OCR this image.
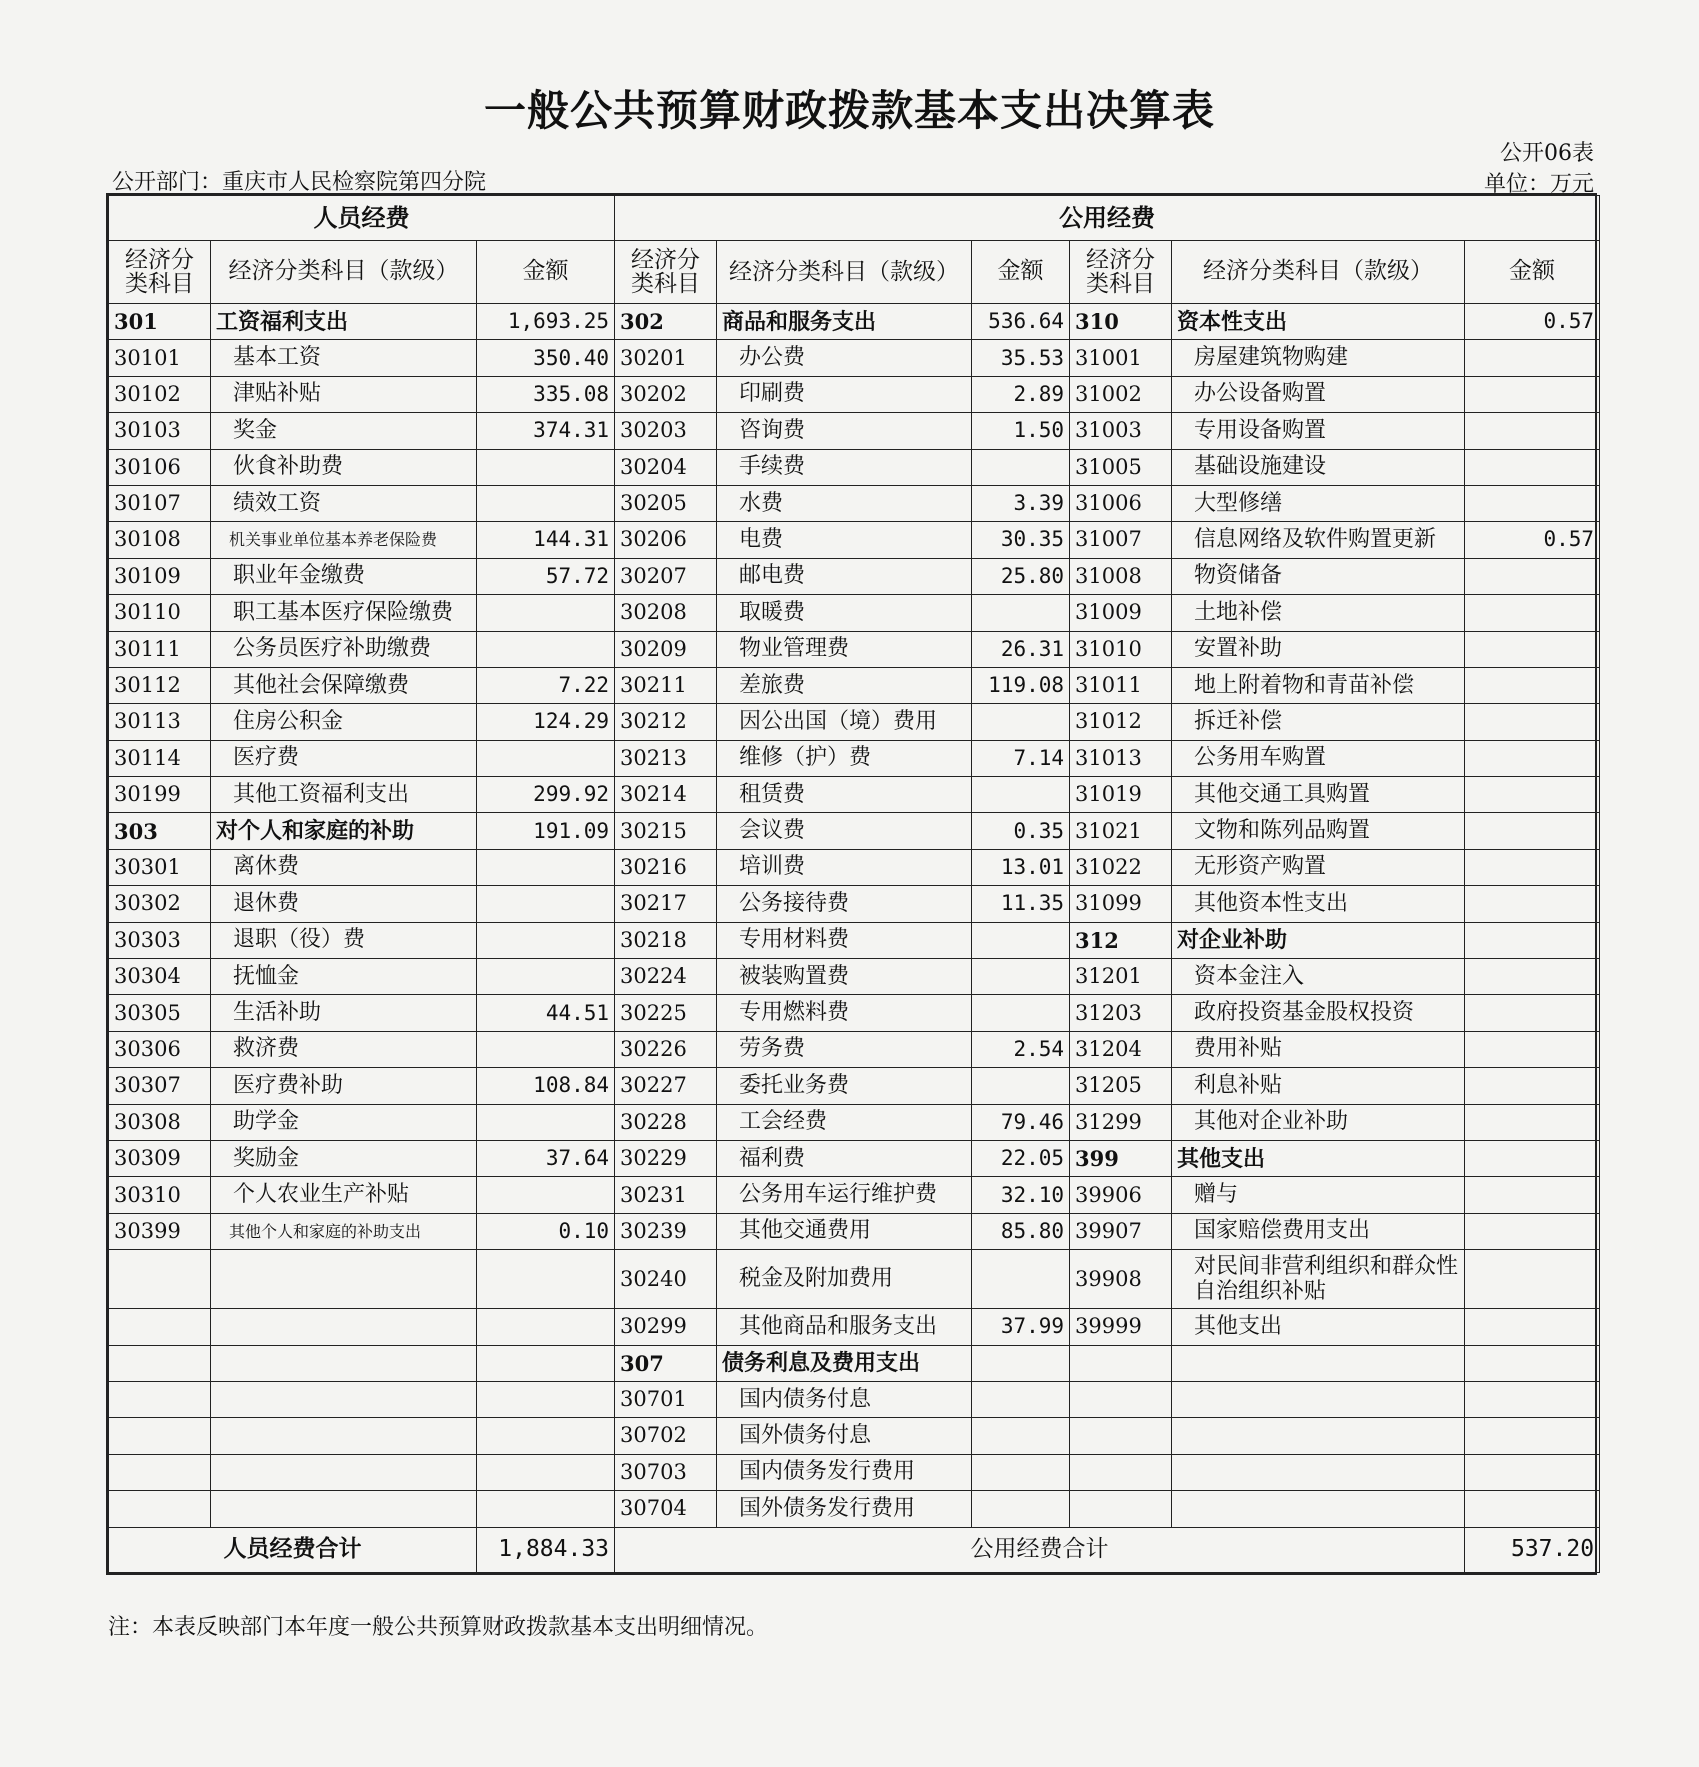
一般公共预算财政拨款基本支出决算表
公开06表
公开部门：重庆市人民检察院第四分院	单位：万元
人员经费			公用经费					
经济分类科目	经济分类科目（款级）	金额	经济分类科目	经济分类科目（款级）	金额	经济分类科目	经济分类科目（款级）	金额
301	工资福利支出	1,693.25	302	商品和服务支出	536.64	310	资本性支出	0.57
30101	基本工资	350.40	30201	办公费	35.53	31001	房屋建筑物购建	
30102	津贴补贴	335.08	30202	印刷费	2.89	31002	办公设备购置	
30103	奖金	374.31	30203	咨询费	1.50	31003	专用设备购置	
30106	伙食补助费		30204	手续费		31005	基础设施建设	
30107	绩效工资		30205	水费	3.39	31006	大型修缮	
30108	机关事业单位基本养老保险费	144.31	30206	电费	30.35	31007	信息网络及软件购置更新	0.57
30109	职业年金缴费	57.72	30207	邮电费	25.80	31008	物资储备	
30110	职工基本医疗保险缴费		30208	取暖费		31009	土地补偿	
30111	公务员医疗补助缴费		30209	物业管理费	26.31	31010	安置补助	
30112	其他社会保障缴费	7.22	30211	差旅费	119.08	31011	地上附着物和青苗补偿	
30113	住房公积金	124.29	30212	因公出国（境）费用		31012	拆迁补偿	
30114	医疗费		30213	维修（护）费	7.14	31013	公务用车购置	
30199	其他工资福利支出	299.92	30214	租赁费		31019	其他交通工具购置	
303	对个人和家庭的补助	191.09	30215	会议费	0.35	31021	文物和陈列品购置	
30301	离休费		30216	培训费	13.01	31022	无形资产购置	
30302	退休费		30217	公务接待费	11.35	31099	其他资本性支出	
30303	退职（役）费		30218	专用材料费		312	对企业补助	
30304	抚恤金		30224	被装购置费		31201	资本金注入	
30305	生活补助	44.51	30225	专用燃料费		31203	政府投资基金股权投资	
30306	救济费		30226	劳务费	2.54	31204	费用补贴	
30307	医疗费补助	108.84	30227	委托业务费		31205	利息补贴	
30308	助学金		30228	工会经费	79.46	31299	其他对企业补助	
30309	奖励金	37.64	30229	福利费	22.05	399	其他支出	
30310	个人农业生产补贴		30231	公务用车运行维护费	32.10	39906	赠与	
30399	其他个人和家庭的补助支出	0.10	30239	其他交通费用	85.80	39907	国家赔偿费用支出	
			30240	税金及附加费用		39908	对民间非营利组织和群众性自治组织补贴	
			30299	其他商品和服务支出	37.99	39999	其他支出	
			307	债务利息及费用支出				
			30701	国内债务付息				
			30702	国外债务付息				
			30703	国内债务发行费用				
			30704	国外债务发行费用				
人员经费合计		1,884.33	公用经费合计					537.20
注：本表反映部门本年度一般公共预算财政拨款基本支出明细情况。
